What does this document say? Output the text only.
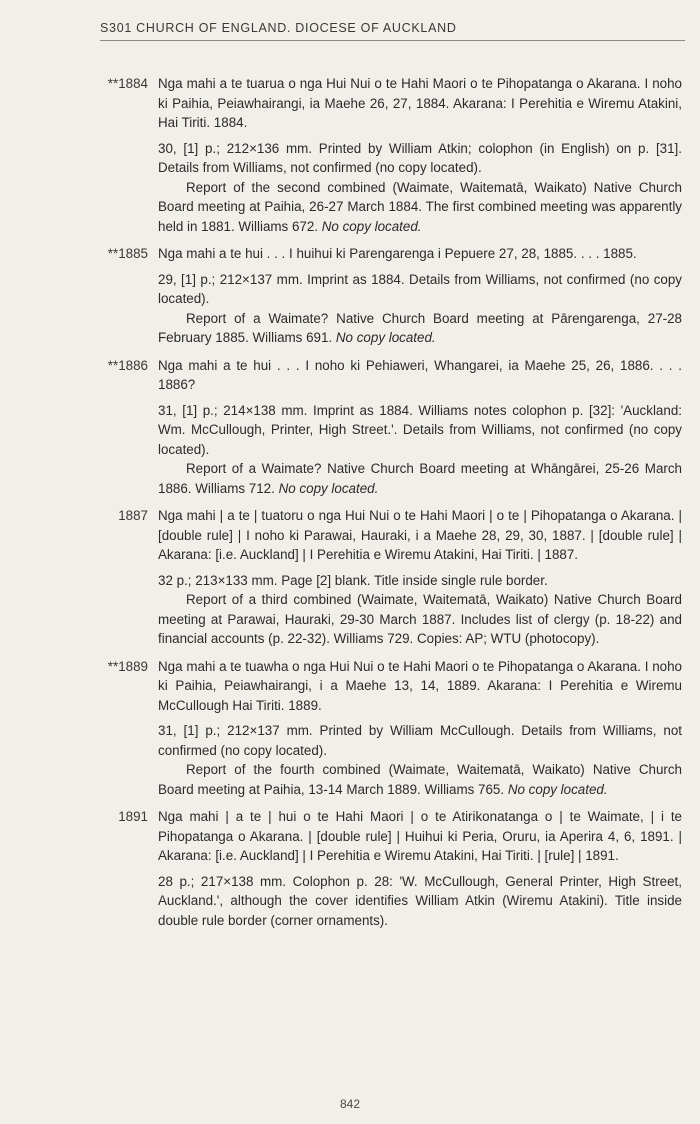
S301 CHURCH OF ENGLAND. DIOCESE OF AUCKLAND
**1884 Nga mahi a te tuarua o nga Hui Nui o te Hahi Maori o te Pihopatanga o Akarana. I noho ki Paihia, Peiawhairangi, ia Maehe 26, 27, 1884. Akarana: I Perehitia e Wiremu Atakini, Hai Tiriti. 1884.

30, [1] p.; 212×136 mm. Printed by William Atkin; colophon (in English) on p. [31]. Details from Williams, not confirmed (no copy located).

Report of the second combined (Waimate, Waitematā, Waikato) Native Church Board meeting at Paihia, 26-27 March 1884. The first combined meeting was apparently held in 1881. Williams 672. No copy located.

**1885 Nga mahi a te hui . . . I huihui ki Parengarenga i Pepuere 27, 28, 1885. . . . 1885.

29, [1] p.; 212×137 mm. Imprint as 1884. Details from Williams, not confirmed (no copy located).

Report of a Waimate? Native Church Board meeting at Pārengarenga, 27-28 February 1885. Williams 691. No copy located.

**1886 Nga mahi a te hui . . . I noho ki Pehiaweri, Whangarei, ia Maehe 25, 26, 1886. . . . 1886?

31, [1] p.; 214×138 mm. Imprint as 1884. Williams notes colophon p. [32]: 'Auckland: Wm. McCullough, Printer, High Street.'. Details from Williams, not confirmed (no copy located).

Report of a Waimate? Native Church Board meeting at Whāngārei, 25-26 March 1886. Williams 712. No copy located.

1887 Nga mahi | a te | tuatoru o nga Hui Nui o te Hahi Maori | o te | Pihopatanga o Akarana. | [double rule] | I noho ki Parawai, Hauraki, i a Maehe 28, 29, 30, 1887. | [double rule] | Akarana: [i.e. Auckland] | I Perehitia e Wiremu Atakini, Hai Tiriti. | 1887.

32 p.; 213×133 mm. Page [2] blank. Title inside single rule border.

Report of a third combined (Waimate, Waitematā, Waikato) Native Church Board meeting at Parawai, Hauraki, 29-30 March 1887. Includes list of clergy (p. 18-22) and financial accounts (p. 22-32). Williams 729. Copies: AP; WTU (photocopy).

**1889 Nga mahi a te tuawha o nga Hui Nui o te Hahi Maori o te Pihopatanga o Akarana. I noho ki Paihia, Peiawhairangi, i a Maehe 13, 14, 1889. Akarana: I Perehitia e Wiremu McCullough Hai Tiriti. 1889.

31, [1] p.; 212×137 mm. Printed by William McCullough. Details from Williams, not confirmed (no copy located).

Report of the fourth combined (Waimate, Waitematā, Waikato) Native Church Board meeting at Paihia, 13-14 March 1889. Williams 765. No copy located.

1891 Nga mahi | a te | hui o te Hahi Maori | o te Atirikonatanga o | te Waimate, | i te Pihopatanga o Akarana. | [double rule] | Huihui ki Peria, Oruru, ia Aperira 4, 6, 1891. | Akarana: [i.e. Auckland] | I Perehitia e Wiremu Atakini, Hai Tiriti. | [rule] | 1891.

28 p.; 217×138 mm. Colophon p. 28: 'W. McCullough, General Printer, High Street, Auckland.', although the cover identifies William Atkin (Wiremu Atakini). Title inside double rule border (corner ornaments).

842
